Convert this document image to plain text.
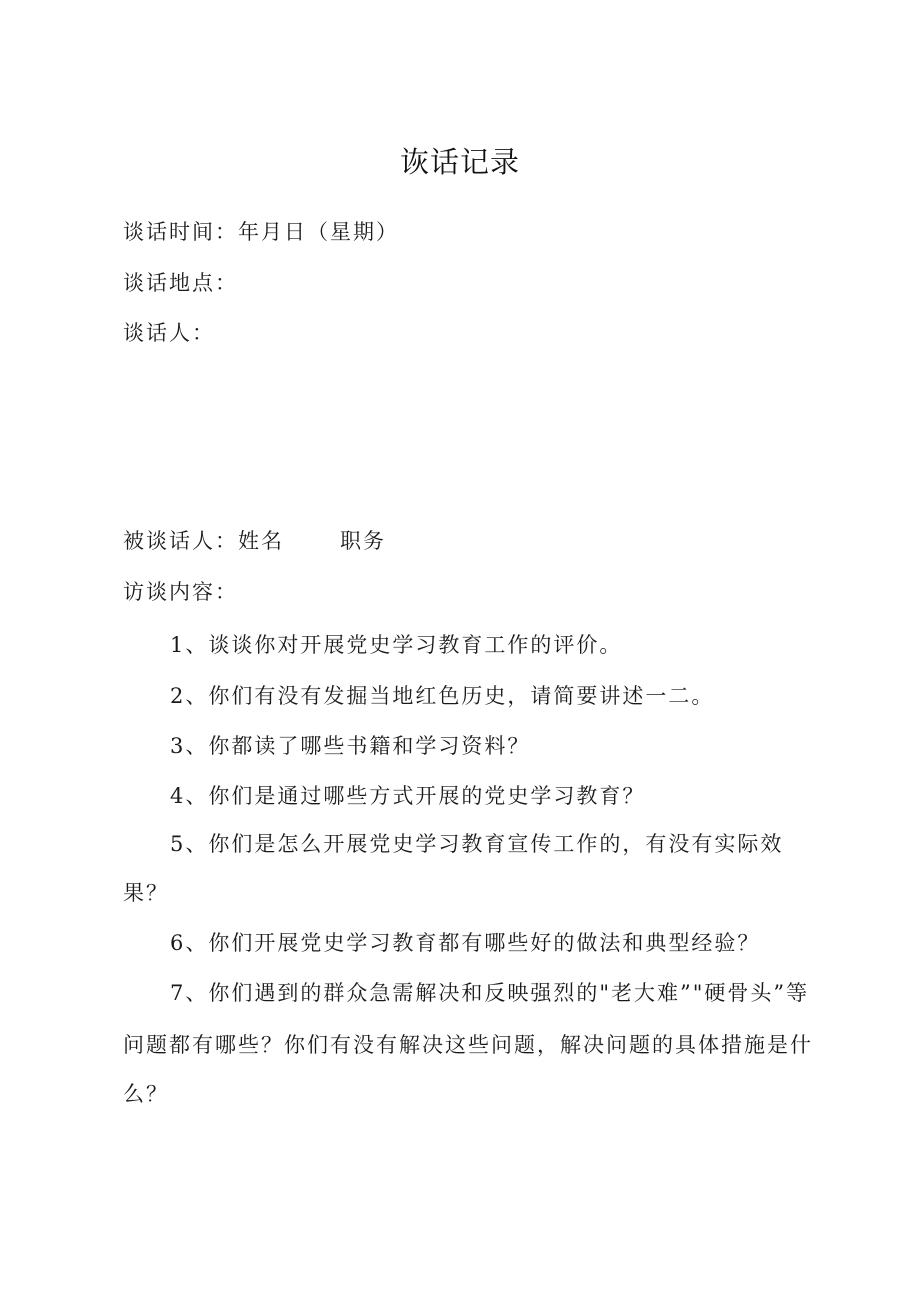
诙话记录
谈话时间：年月日（星期）
谈话地点：
谈话人：
被谈话人：姓名	职务
访谈内容：
1、谈谈你对开展党史学习教育工作的评价。
2、你们有没有发掘当地红色历史，请简要讲述一二。
3、你都读了哪些书籍和学习资料？
4、你们是通过哪些方式开展的党史学习教育？
5、你们是怎么开展党史学习教育宣传工作的，有没有实际效
果？
6、你们开展党史学习教育都有哪些好的做法和典型经验？
7、你们遇到的群众急需解决和反映强烈的"老大难”"硬骨头”等
问题都有哪些？你们有没有解决这些问题，解决问题的具体措施是什
么？
